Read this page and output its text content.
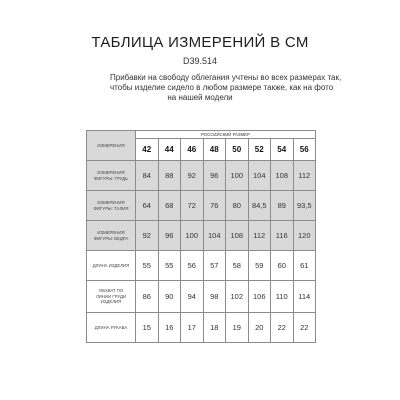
ТАБЛИЦА ИЗМЕРЕНИЙ В СМ
D39.514
Прибавки на свободу облегания учтены во всех размерах так,
чтобы изделие сидело в любом размере также, как на фото
на нашей модели
ИЗМЕРЕНИЯ	РОССИЙСКИЙ РАЗМЕР							
	42	44	46	48	50	52	54	56

ИЗМЕРЕНИЯ
ФИГУРЫ: ГРУДЬ	84	88	92	96	100	104	108	112

ИЗМЕРЕНИЯ
ФИГУРЫ: ТАЛИЯ	64	68	72	76	80	84,5	89	93,5

ИЗМЕРЕНИЯ
ФИГУРЫ: БЕДРА	92	96	100	104	108	112	116	120

ДЛИНА ИЗДЕЛИЯ	55	55	56	57	58	59	60	61

ОБХВАТ ПО
ЛИНИИ ГРУДИ
ИЗДЕЛИЯ	86	90	94	98	102	106	110	114

ДЛИНА РУКАВА	15	16	17	18	19	20	22	22
